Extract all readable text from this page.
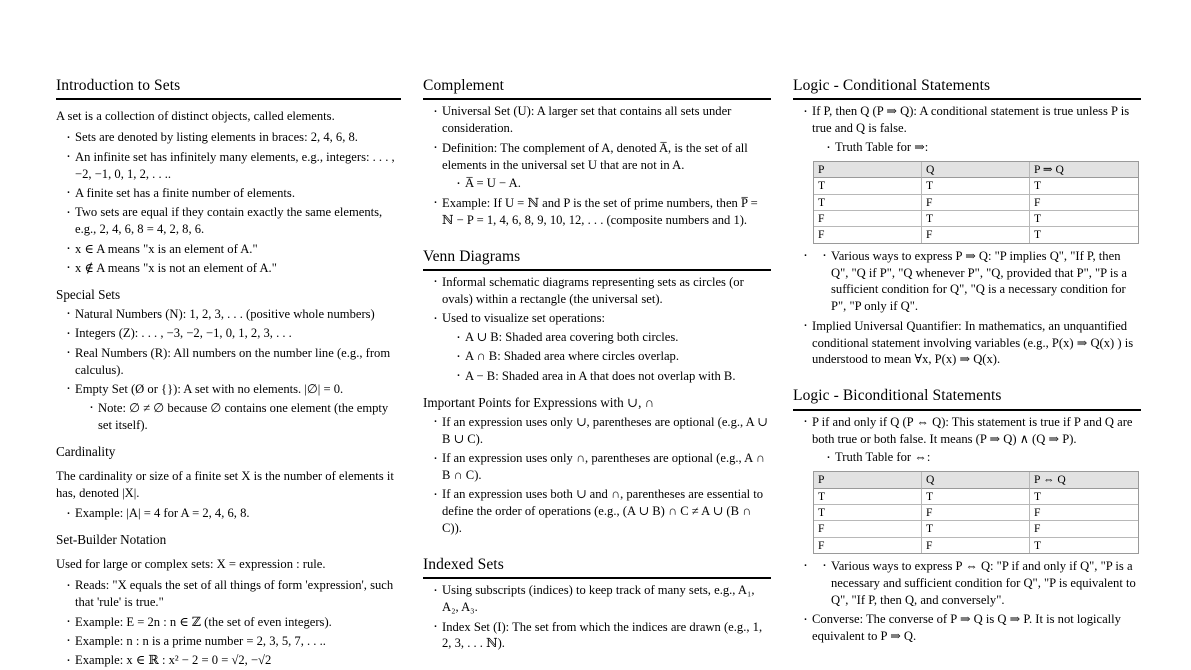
Introduction to Sets

A set is a collection of distinct objects, called elements.

· Sets are denoted by listing elements in braces: 2, 4, 6, 8.
· An infinite set has infinitely many elements, e.g., integers: . . . , −2, −1, 0, 1, 2, . . ..
· A finite set has a finite number of elements.
· Two sets are equal if they contain exactly the same elements, e.g., 2, 4, 6, 8 = 4, 2, 8, 6.
· x ∈ A means "x is an element of A."
· x ∉ A means "x is not an element of A."
Special Sets
· Natural Numbers (N): 1, 2, 3, . . . (positive whole numbers)
· Integers (Z): . . . , −3, −2, −1, 0, 1, 2, 3, . . .
· Real Numbers (R): All numbers on the number line (e.g., from calculus).
· Empty Set (Ø or {}): A set with no elements. |∅| = 0.
· Note: ∅ ≠ ∅ because ∅ contains one element (the empty set itself).
Cardinality

The cardinality or size of a finite set X is the number of elements it has, denoted |X|.

· Example: |A| = 4 for A = 2, 4, 6, 8.
Set-Builder Notation

Used for large or complex sets: X = expression : rule.

· Reads: "X equals the set of all things of form 'expression', such that 'rule' is true."
· Example: E = 2n : n ∈ ℤ (the set of even integers).
· Example: n : n is a prime number = 2, 3, 5, 7, . . ..
· Example: x ∈ ℝ : x² − 2 = 0 = √2, −√2
Complement
· Universal Set (U): A larger set that contains all sets under consideration.
· Definition: The complement of A, denoted A̅, is the set of all elements in the universal set U that are not in A.
· A̅ = U − A.
· Example: If U = ℕ and P is the set of prime numbers, then P̅ = ℕ − P = 1, 4, 6, 8, 9, 10, 12, . . . (composite numbers and 1).
Venn Diagrams
· Informal schematic diagrams representing sets as circles (or ovals) within a rectangle (the universal set).
· Used to visualize set operations:
· A ∪ B: Shaded area covering both circles.
· A ∩ B: Shaded area where circles overlap.
· A − B: Shaded area in A that does not overlap with B.
Important Points for Expressions with ∪, ∩
· If an expression uses only ∪, parentheses are optional (e.g., A ∪ B ∪ C).
· If an expression uses only ∩, parentheses are optional (e.g., A ∩ B ∩ C).
· If an expression uses both ∪ and ∩, parentheses are essential to define the order of operations (e.g., (A ∪ B) ∩ C ≠ A ∪ (B ∩ C)).
Indexed Sets
· Using subscripts (indices) to keep track of many sets, e.g., A₁, A₂, A₃.
· Index Set (I): The set from which the indices are drawn (e.g., 1, 2, 3, . . . ℕ).
Logic - Conditional Statements
· If P, then Q (P ⇒ Q): A conditional statement is true unless P is true and Q is false.
· Truth Table for ⇒:
P	Q	P ⇒ Q
T	T	T
T	F	F
F	T	T
F	F	T
· · Various ways to express P ⇒ Q: "P implies Q", "If P, then Q", "Q if P", "Q whenever P", "Q, provided that P", "P is a sufficient condition for Q", "Q is a necessary condition for P", "P only if Q".
· Implied Universal Quantifier: In mathematics, an unquantified conditional statement involving variables (e.g., P(x) ⇒ Q(x) ) is understood to mean ∀x, P(x) ⇒ Q(x).
Logic - Biconditional Statements
· P if and only if Q (P ⇔ Q): This statement is true if P and Q are both true or both false. It means (P ⇒ Q) ∧ (Q ⇒ P).
· Truth Table for ⇔:
P	Q	P ⇔ Q
T	T	T
T	F	F
F	T	F
F	F	T
· · Various ways to express P ⇔ Q: "P if and only if Q", "P is a necessary and sufficient condition for Q", "P is equivalent to Q", "If P, then Q, and conversely".
· Converse: The converse of P ⇒ Q is Q ⇒ P. It is not logically equivalent to P ⇒ Q.
